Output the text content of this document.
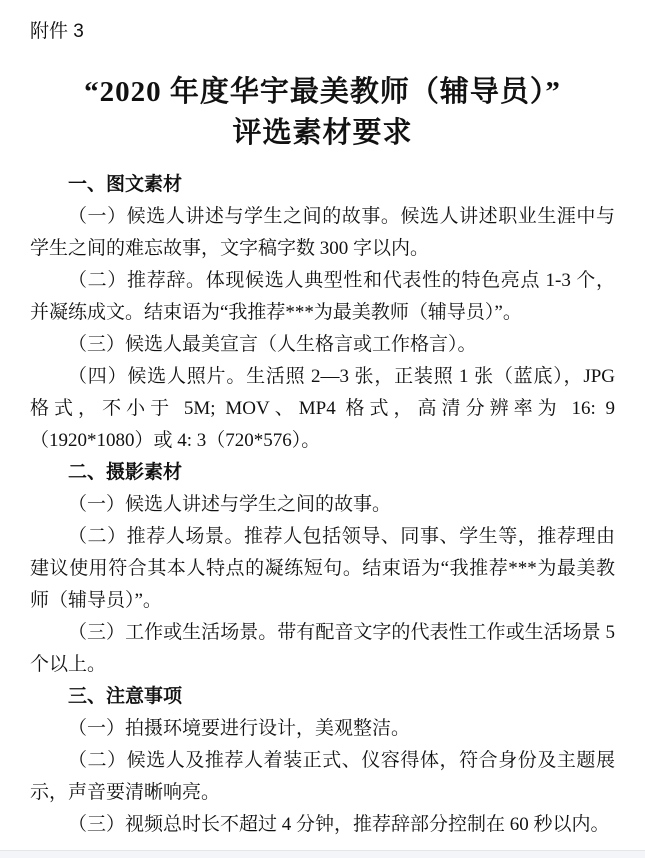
附件 3
“2020 年度华宇最美教师（辅导员）”
评选素材要求
一、图文素材

（一）候选人讲述与学生之间的故事。候选人讲述职业生涯中与学生之间的难忘故事，文字稿字数 300 字以内。

（二）推荐辞。体现候选人典型性和代表性的特色亮点 1-3 个，并凝练成文。结束语为“我推荐***为最美教师（辅导员）”。

（三）候选人最美宣言（人生格言或工作格言）。

（四）候选人照片。生活照 2—3 张，正装照 1 张（蓝底），JPG 格式，不小于 5M; MOV、MP4 格式，高清分辨率为 16: 9（1920*1080）或 4: 3（720*576）。

二、摄影素材

（一）候选人讲述与学生之间的故事。

（二）推荐人场景。推荐人包括领导、同事、学生等，推荐理由建议使用符合其本人特点的凝练短句。结束语为“我推荐***为最美教师（辅导员）”。

（三）工作或生活场景。带有配音文字的代表性工作或生活场景 5 个以上。

三、注意事项

（一）拍摄环境要进行设计，美观整洁。

（二）候选人及推荐人着装正式、仪容得体，符合身份及主题展示，声音要清晰响亮。

（三）视频总时长不超过 4 分钟，推荐辞部分控制在 60 秒以内。
